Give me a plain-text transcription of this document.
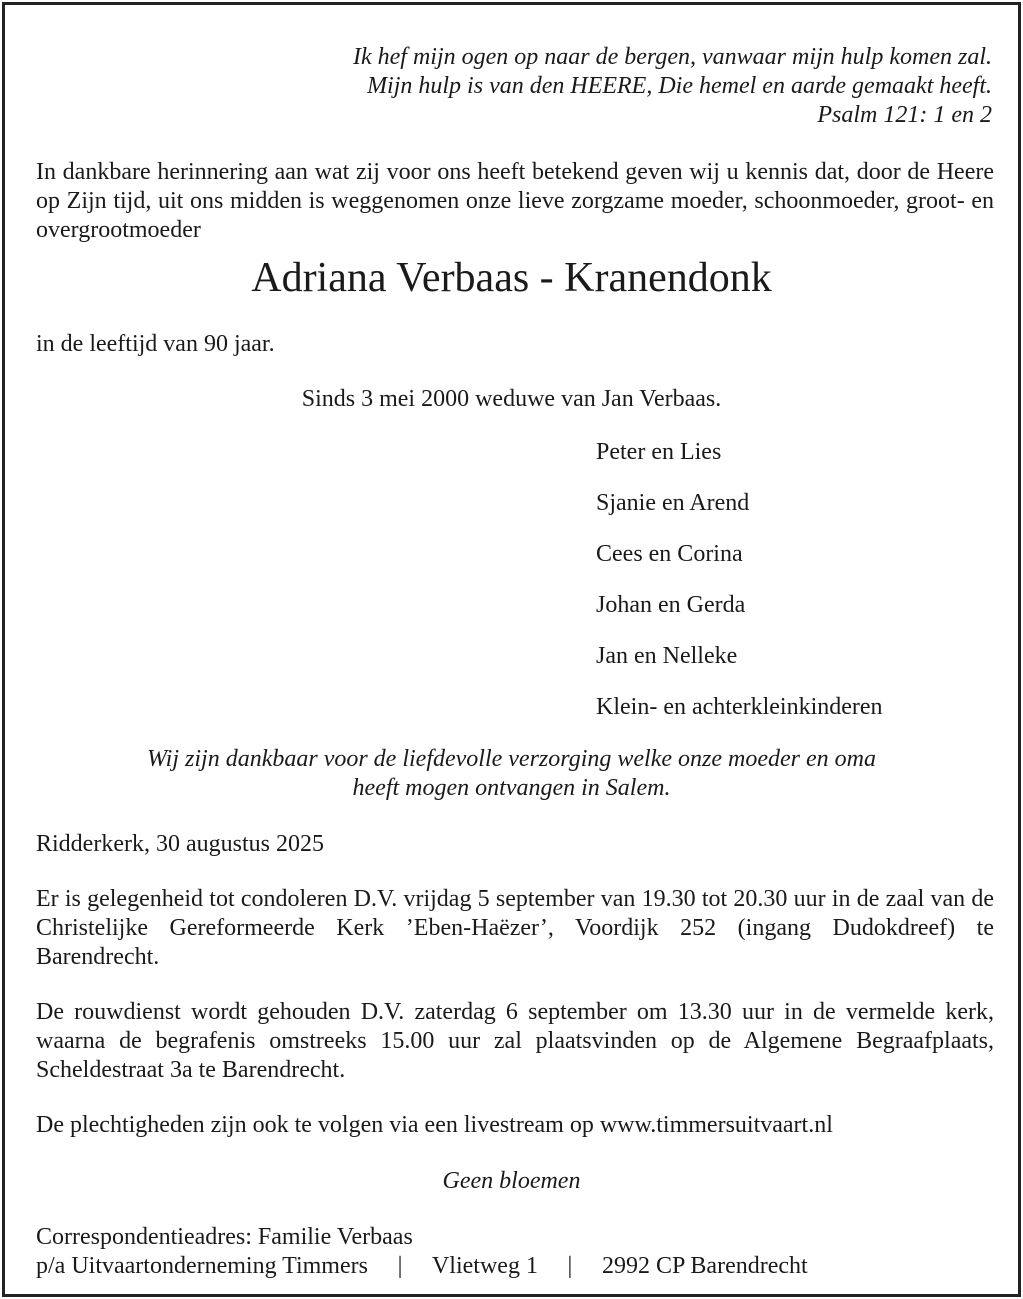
Ik hef mijn ogen op naar de bergen, vanwaar mijn hulp komen zal.
Mijn hulp is van den HEERE, Die hemel en aarde gemaakt heeft.
Psalm 121: 1 en 2

In dankbare herinnering aan wat zij voor ons heeft betekend geven wij u kennis dat, door de Heere op Zijn tijd, uit ons midden is weggenomen onze lieve zorgzame moeder, schoonmoeder, groot- en overgrootmoeder

Adriana Verbaas - Kranendonk

in de leeftijd van 90 jaar.

Sinds 3 mei 2000 weduwe van Jan Verbaas.
Peter en Lies
Sjanie en Arend
Cees en Corina
Johan en Gerda
Jan en Nelleke
Klein- en achterkleinkinderen
Wij zijn dankbaar voor de liefdevolle verzorging welke onze moeder en oma
heeft mogen ontvangen in Salem.

Ridderkerk, 30 augustus 2025

Er is gelegenheid tot condoleren D.V. vrijdag 5 september van 19.30 tot 20.30 uur in de zaal van de Christelijke Gereformeerde Kerk ’Eben-Haëzer’, Voordijk 252 (ingang Dudokdreef) te Barendrecht.

De rouwdienst wordt gehouden D.V. zaterdag 6 september om 13.30 uur in de vermelde kerk, waarna de begrafenis omstreeks 15.00 uur zal plaatsvinden op de Algemene Begraafplaats, Scheldestraat 3a te Barendrecht.

De plechtigheden zijn ook te volgen via een livestream op www.timmersuitvaart.nl

Geen bloemen

Correspondentieadres: Familie Verbaas

p/a Uitvaartonderneming Timmers | Vlietweg 1 | 2992 CP Barendrecht
